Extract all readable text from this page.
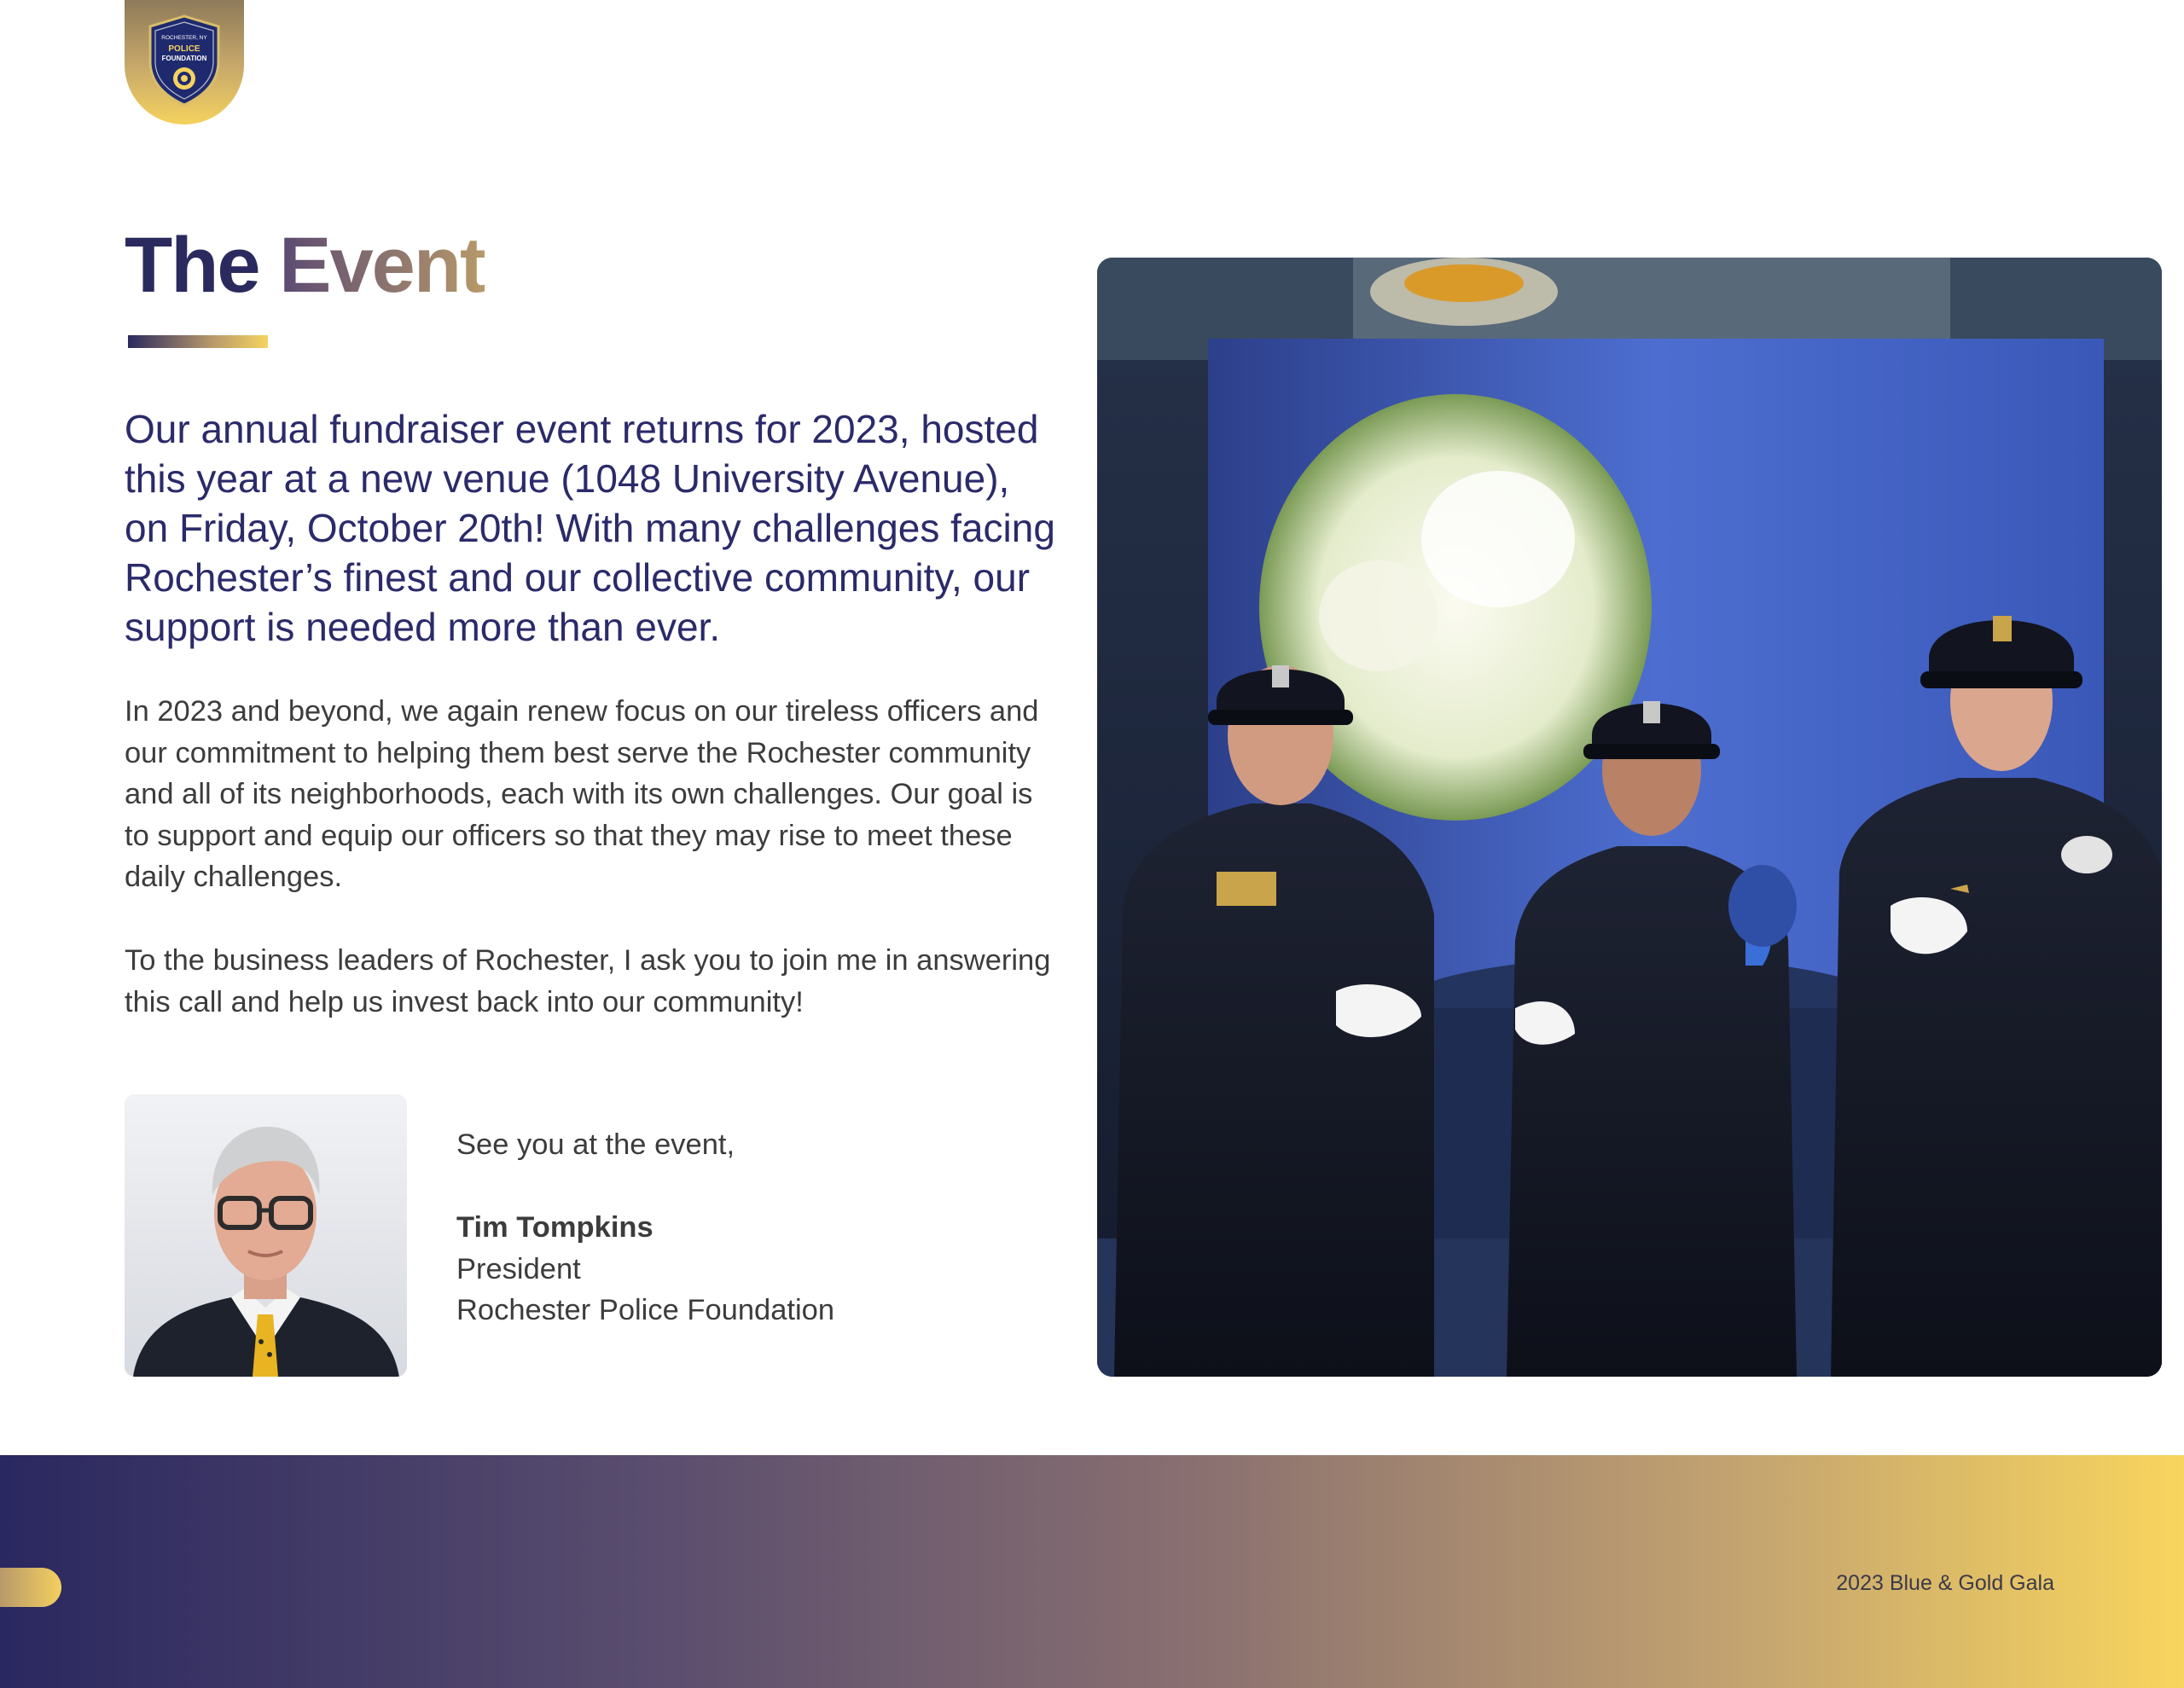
ROCHESTER, NY
POLICE
FOUNDATION
The Event

Our annual fundraiser event returns for 2023, hosted this year at a new venue (1048 University Avenue), on Friday, October 20th! With many challenges facing Rochester’s finest and our collective community, our support is needed more than ever.

In 2023 and beyond, we again renew focus on our tireless officers and our commitment to helping them best serve the Rochester community and all of its neighborhoods, each with its own challenges. Our goal is to support and equip our officers so that they may rise to meet these daily challenges.

To the business leaders of Rochester, I ask you to join me in answering this call and help us invest back into our community!

See you at the event,

Tim Tompkins
President
Rochester Police Foundation
2023 Blue & Gold Gala
